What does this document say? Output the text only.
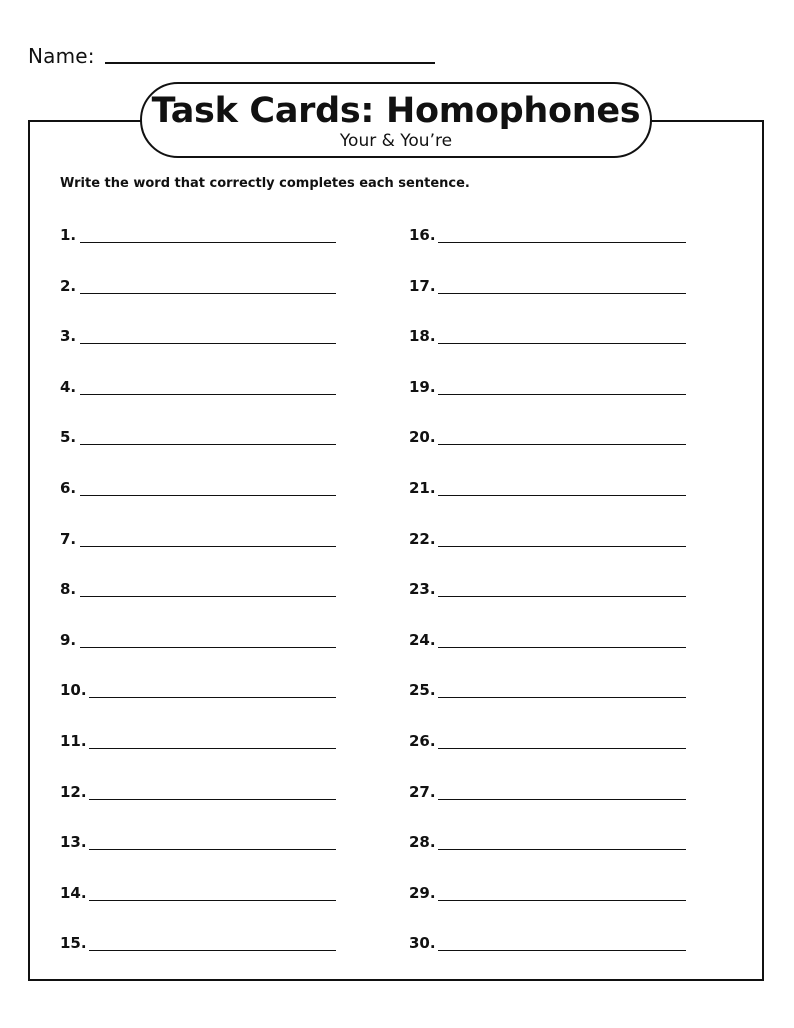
Name:
Task Cards: Homophones
Your & You’re
Write the word that correctly completes each sentence.
1.
2.
3.
4.
5.
6.
7.
8.
9.
10.
11.
12.
13.
14.
15.
16.
17.
18.
19.
20.
21.
22.
23.
24.
25.
26.
27.
28.
29.
30.
